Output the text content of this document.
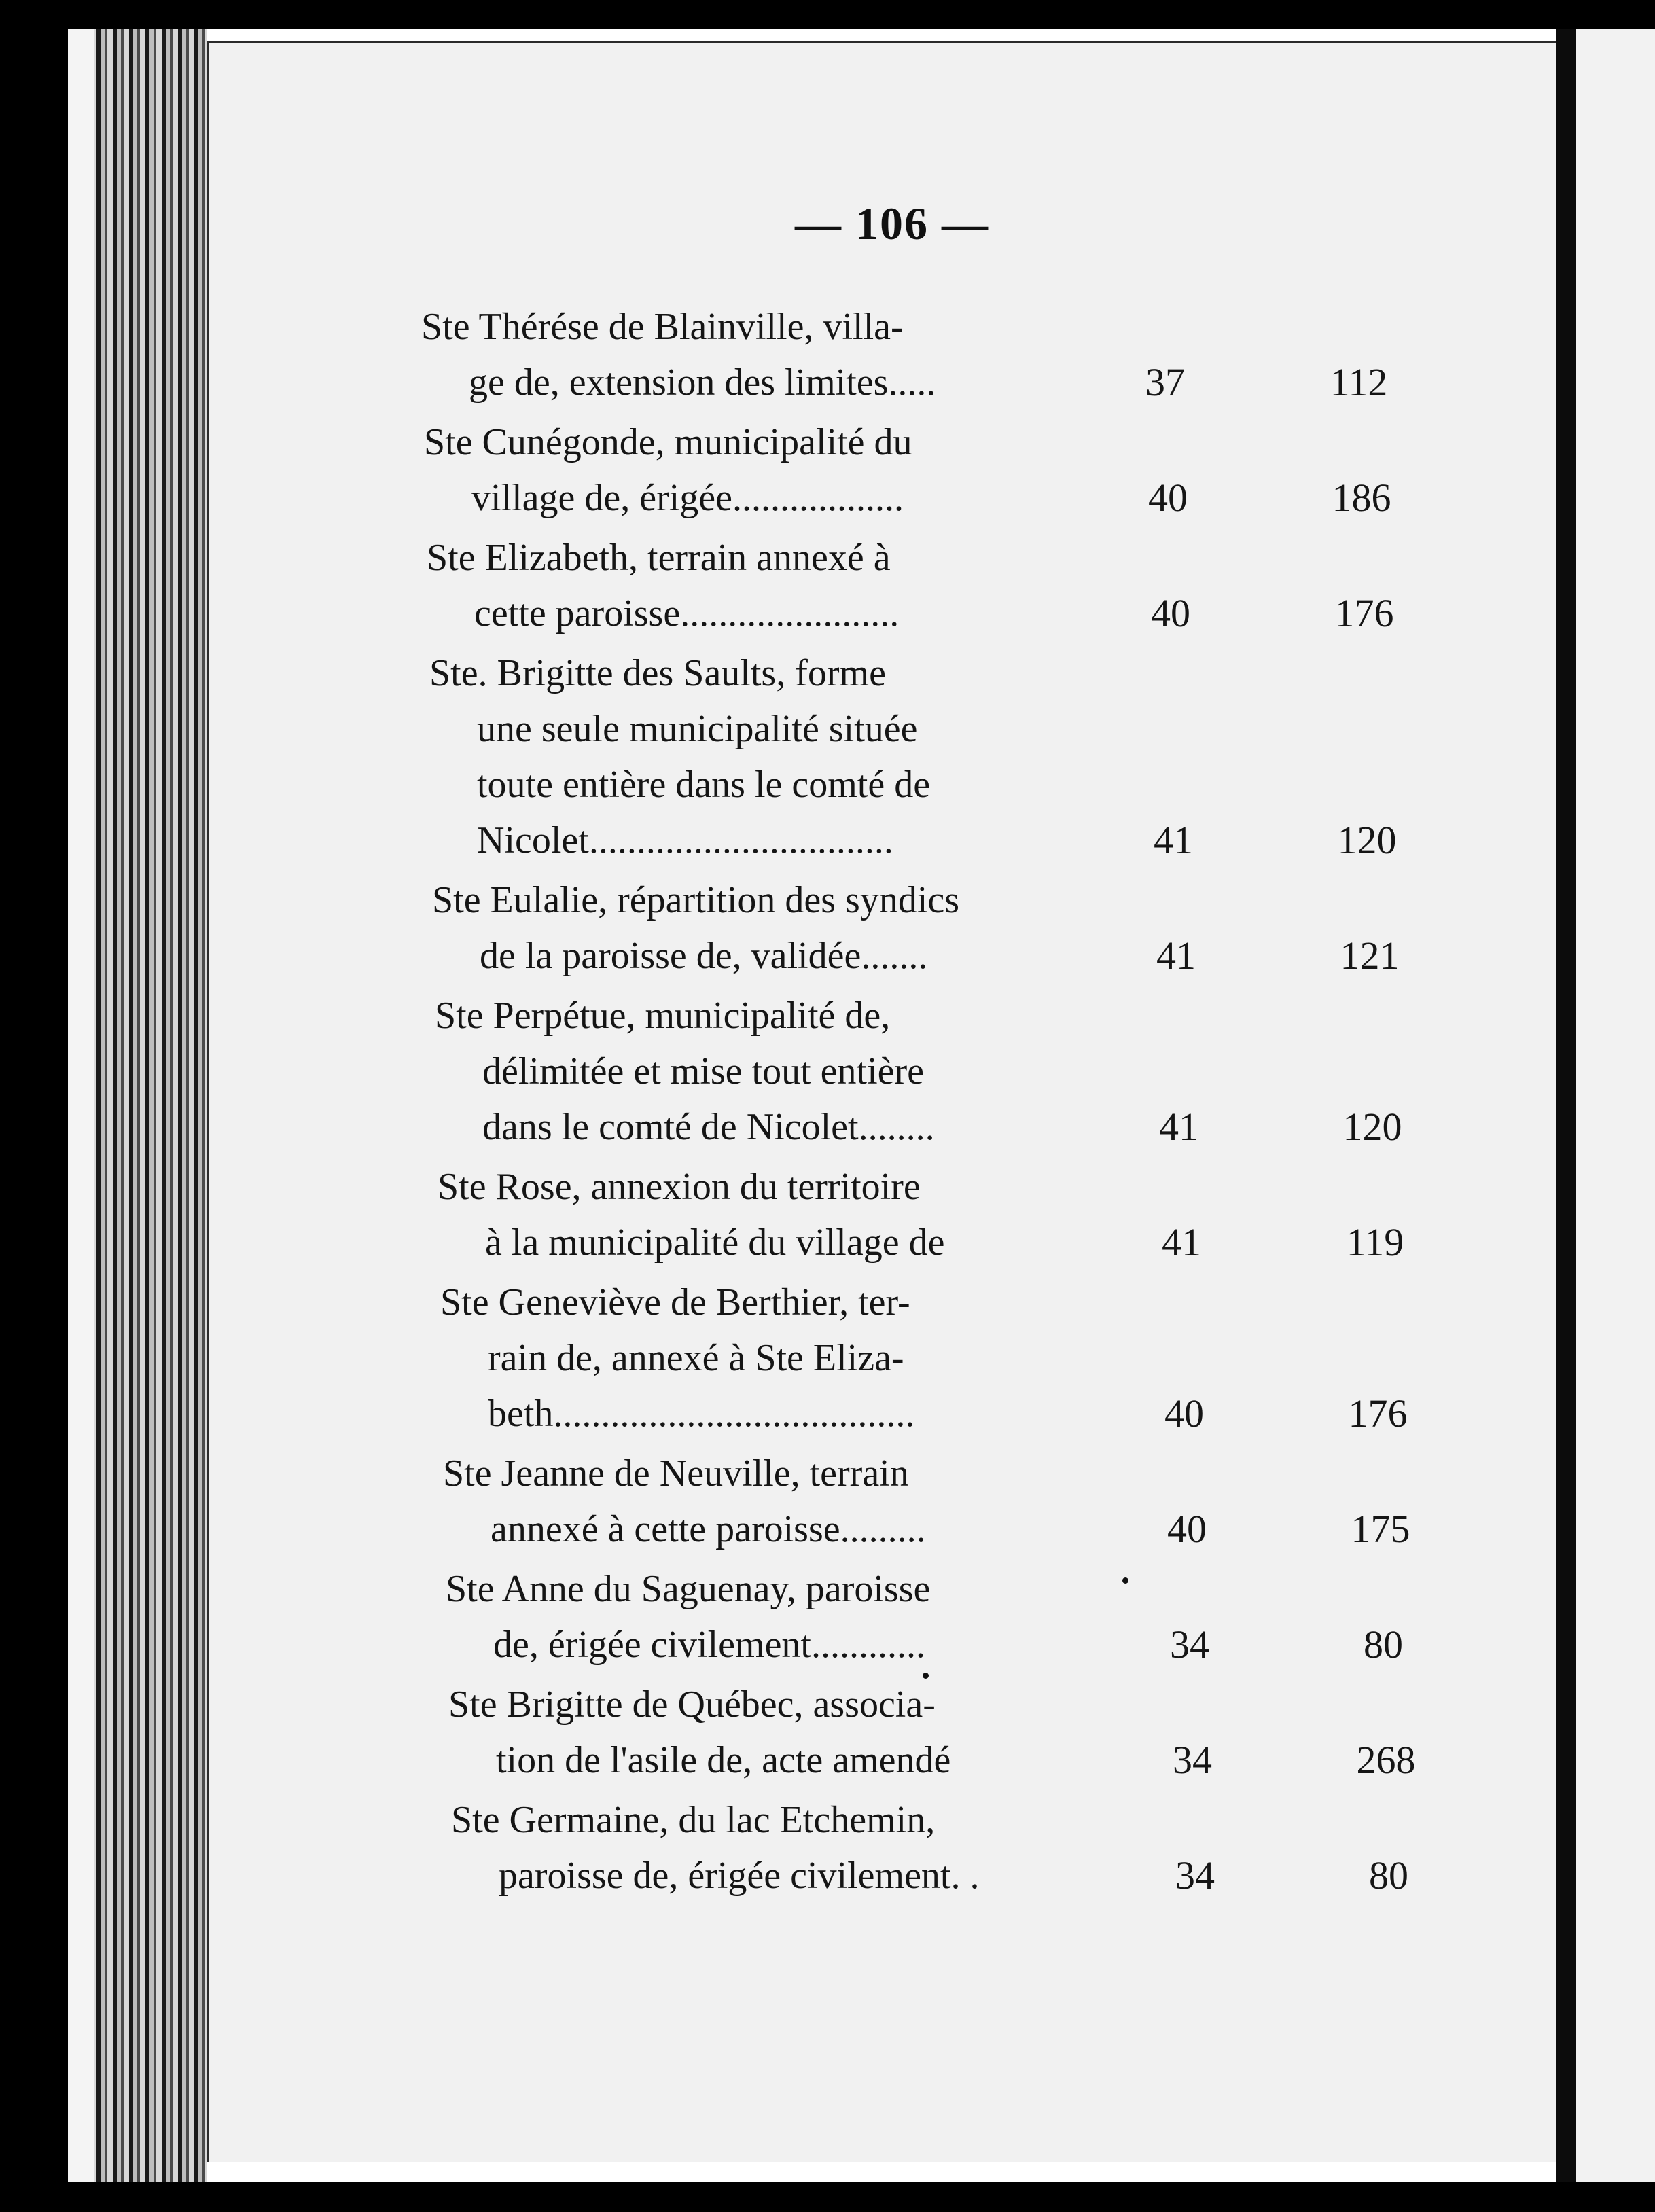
— 106 —
Ste Thérése de Blainville, villa-
ge de, extension des limites.....	37	112
Ste Cunégonde, municipalité du
village de, érigée..................	40	186
Ste Elizabeth, terrain annexé à
cette paroisse.......................	40	176
Ste. Brigitte des Saults, forme
une seule municipalité située
toute entière dans le comté de
Nicolet................................	41	120
Ste Eulalie, répartition des syndics
de la paroisse de, validée.......	41	121
Ste Perpétue, municipalité de,
délimitée et mise tout entière
dans le comté de Nicolet........	41	120
Ste Rose, annexion du territoire
à la municipalité du village de	41	119
Ste Geneviève de Berthier, ter-
rain de, annexé à Ste Eliza-
beth......................................	40	176
Ste Jeanne de Neuville, terrain
annexé à cette paroisse.........	40	175
Ste Anne du Saguenay, paroisse
de, érigée civilement............	34	80
Ste Brigitte de Québec, associa-
tion de l'asile de, acte amendé	34	268
Ste Germaine, du lac Etchemin,
paroisse de, érigée civilement. .	34	80
